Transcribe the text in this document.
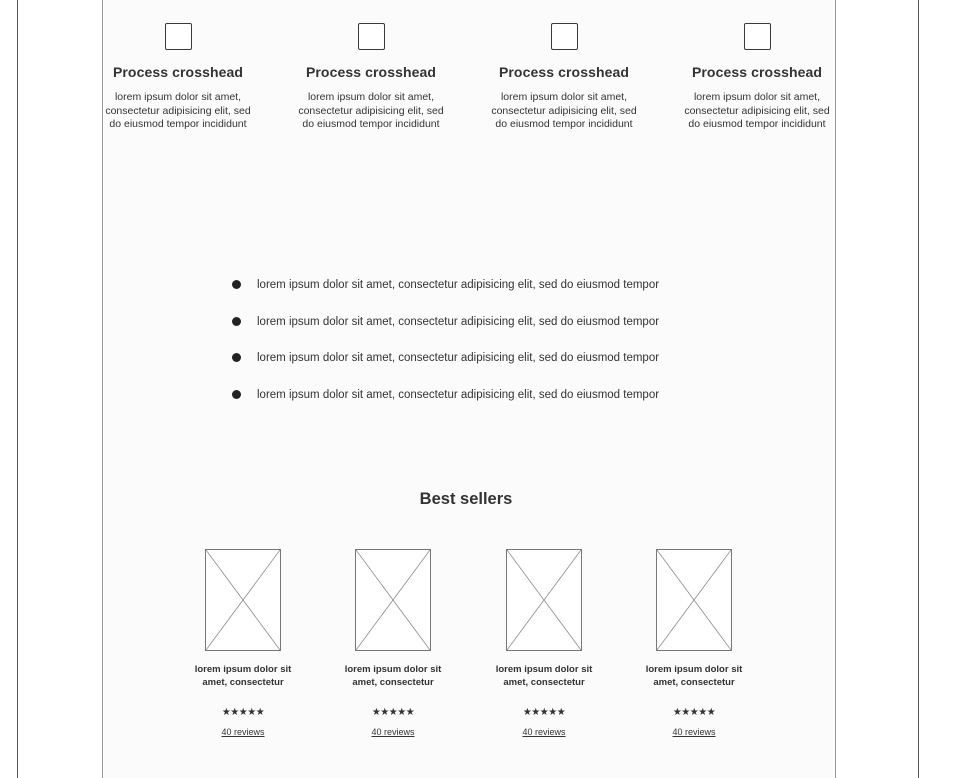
Process crosshead
lorem ipsum dolor sit amet, consectetur adipisicing elit, sed do eiusmod tempor incididunt
Process crosshead
lorem ipsum dolor sit amet, consectetur adipisicing elit, sed do eiusmod tempor incididunt
Process crosshead
lorem ipsum dolor sit amet, consectetur adipisicing elit, sed do eiusmod tempor incididunt
Process crosshead
lorem ipsum dolor sit amet, consectetur adipisicing elit, sed do eiusmod tempor incididunt
lorem ipsum dolor sit amet, consectetur adipisicing elit, sed do eiusmod tempor
lorem ipsum dolor sit amet, consectetur adipisicing elit, sed do eiusmod tempor
lorem ipsum dolor sit amet, consectetur adipisicing elit, sed do eiusmod tempor
lorem ipsum dolor sit amet, consectetur adipisicing elit, sed do eiusmod tempor
Best sellers
lorem ipsum dolor sit amet, consectetur
★★★★★
40 reviews
lorem ipsum dolor sit amet, consectetur
★★★★★
40 reviews
lorem ipsum dolor sit amet, consectetur
★★★★★
40 reviews
lorem ipsum dolor sit amet, consectetur
★★★★★
40 reviews
